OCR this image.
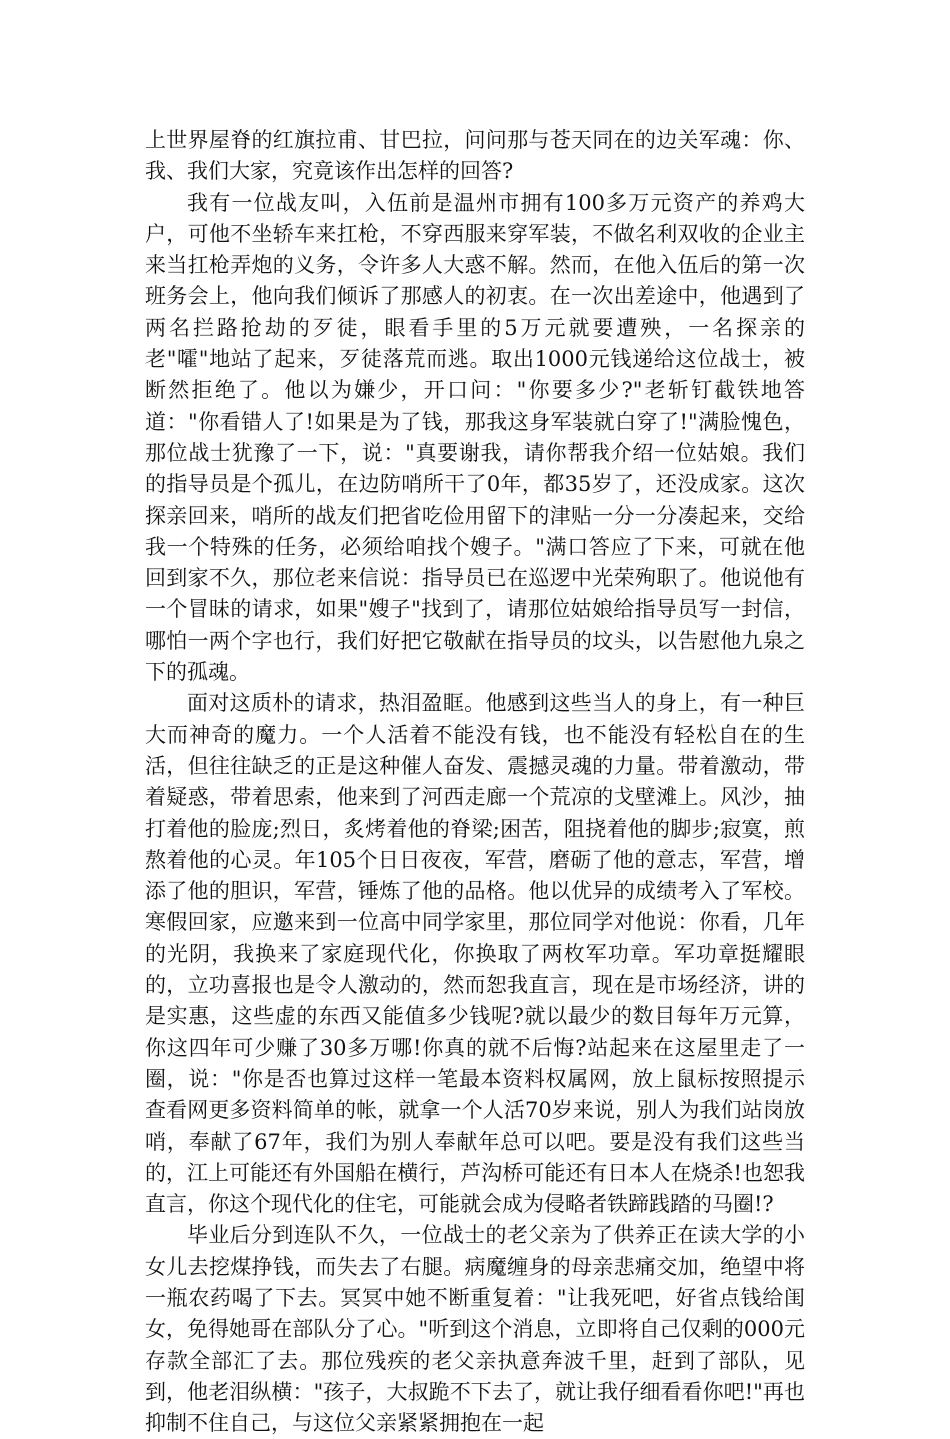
上世界屋脊的红旗拉甫、甘巴拉，问问那与苍天同在的边关军魂：你、我、我们大家，究竟该作出怎样的回答?

我有一位战友叫，入伍前是温州市拥有100多万元资产的养鸡大户，可他不坐轿车来扛枪，不穿西服来穿军装，不做名利双收的企业主来当扛枪弄炮的义务，令许多人大惑不解。然而，在他入伍后的第一次班务会上，他向我们倾诉了那感人的初衷。在一次出差途中，他遇到了两名拦路抢劫的歹徒，眼看手里的5万元就要遭殃，一名探亲的老"嚯"地站了起来，歹徒落荒而逃。取出1000元钱递给这位战士，被断然拒绝了。他以为嫌少，开口问："你要多少?"老斩钉截铁地答道："你看错人了!如果是为了钱，那我这身军装就白穿了!"满脸愧色，那位战士犹豫了一下，说："真要谢我，请你帮我介绍一位姑娘。我们的指导员是个孤儿，在边防哨所干了0年，都35岁了，还没成家。这次探亲回来，哨所的战友们把省吃俭用留下的津贴一分一分凑起来，交给我一个特殊的任务，必须给咱找个嫂子。"满口答应了下来，可就在他回到家不久，那位老来信说：指导员已在巡逻中光荣殉职了。他说他有一个冒昧的请求，如果"嫂子"找到了，请那位姑娘给指导员写一封信，哪怕一两个字也行，我们好把它敬献在指导员的坟头，以告慰他九泉之下的孤魂。

面对这质朴的请求，热泪盈眶。他感到这些当人的身上，有一种巨大而神奇的魔力。一个人活着不能没有钱，也不能没有轻松自在的生活，但往往缺乏的正是这种催人奋发、震撼灵魂的力量。带着激动，带着疑惑，带着思索，他来到了河西走廊一个荒凉的戈壁滩上。风沙，抽打着他的脸庞;烈日，炙烤着他的脊梁;困苦，阻挠着他的脚步;寂寞，煎熬着他的心灵。年105个日日夜夜，军营，磨砺了他的意志，军营，增添了他的胆识，军营，锤炼了他的品格。他以优异的成绩考入了军校。寒假回家，应邀来到一位高中同学家里，那位同学对他说：你看，几年的光阴，我换来了家庭现代化，你换取了两枚军功章。军功章挺耀眼的，立功喜报也是令人激动的，然而恕我直言，现在是市场经济，讲的是实惠，这些虚的东西又能值多少钱呢?就以最少的数目每年万元算，你这四年可少赚了30多万哪!你真的就不后悔?站起来在这屋里走了一圈，说："你是否也算过这样一笔最本资料权属网，放上鼠标按照提示查看网更多资料简单的帐，就拿一个人活70岁来说，别人为我们站岗放哨，奉献了67年，我们为别人奉献年总可以吧。要是没有我们这些当的，江上可能还有外国船在横行，芦沟桥可能还有日本人在烧杀!也恕我直言，你这个现代化的住宅，可能就会成为侵略者铁蹄践踏的马圈!?

毕业后分到连队不久，一位战士的老父亲为了供养正在读大学的小女儿去挖煤挣钱，而失去了右腿。病魔缠身的母亲悲痛交加，绝望中将一瓶农药喝了下去。冥冥中她不断重复着："让我死吧，好省点钱给闺女，免得她哥在部队分了心。"听到这个消息，立即将自己仅剩的000元存款全部汇了去。那位残疾的老父亲执意奔波千里，赶到了部队，见到，他老泪纵横："孩子，大叔跪不下去了，就让我仔细看看你吧!"再也抑制不住自己，与这位父亲紧紧拥抱在一起
